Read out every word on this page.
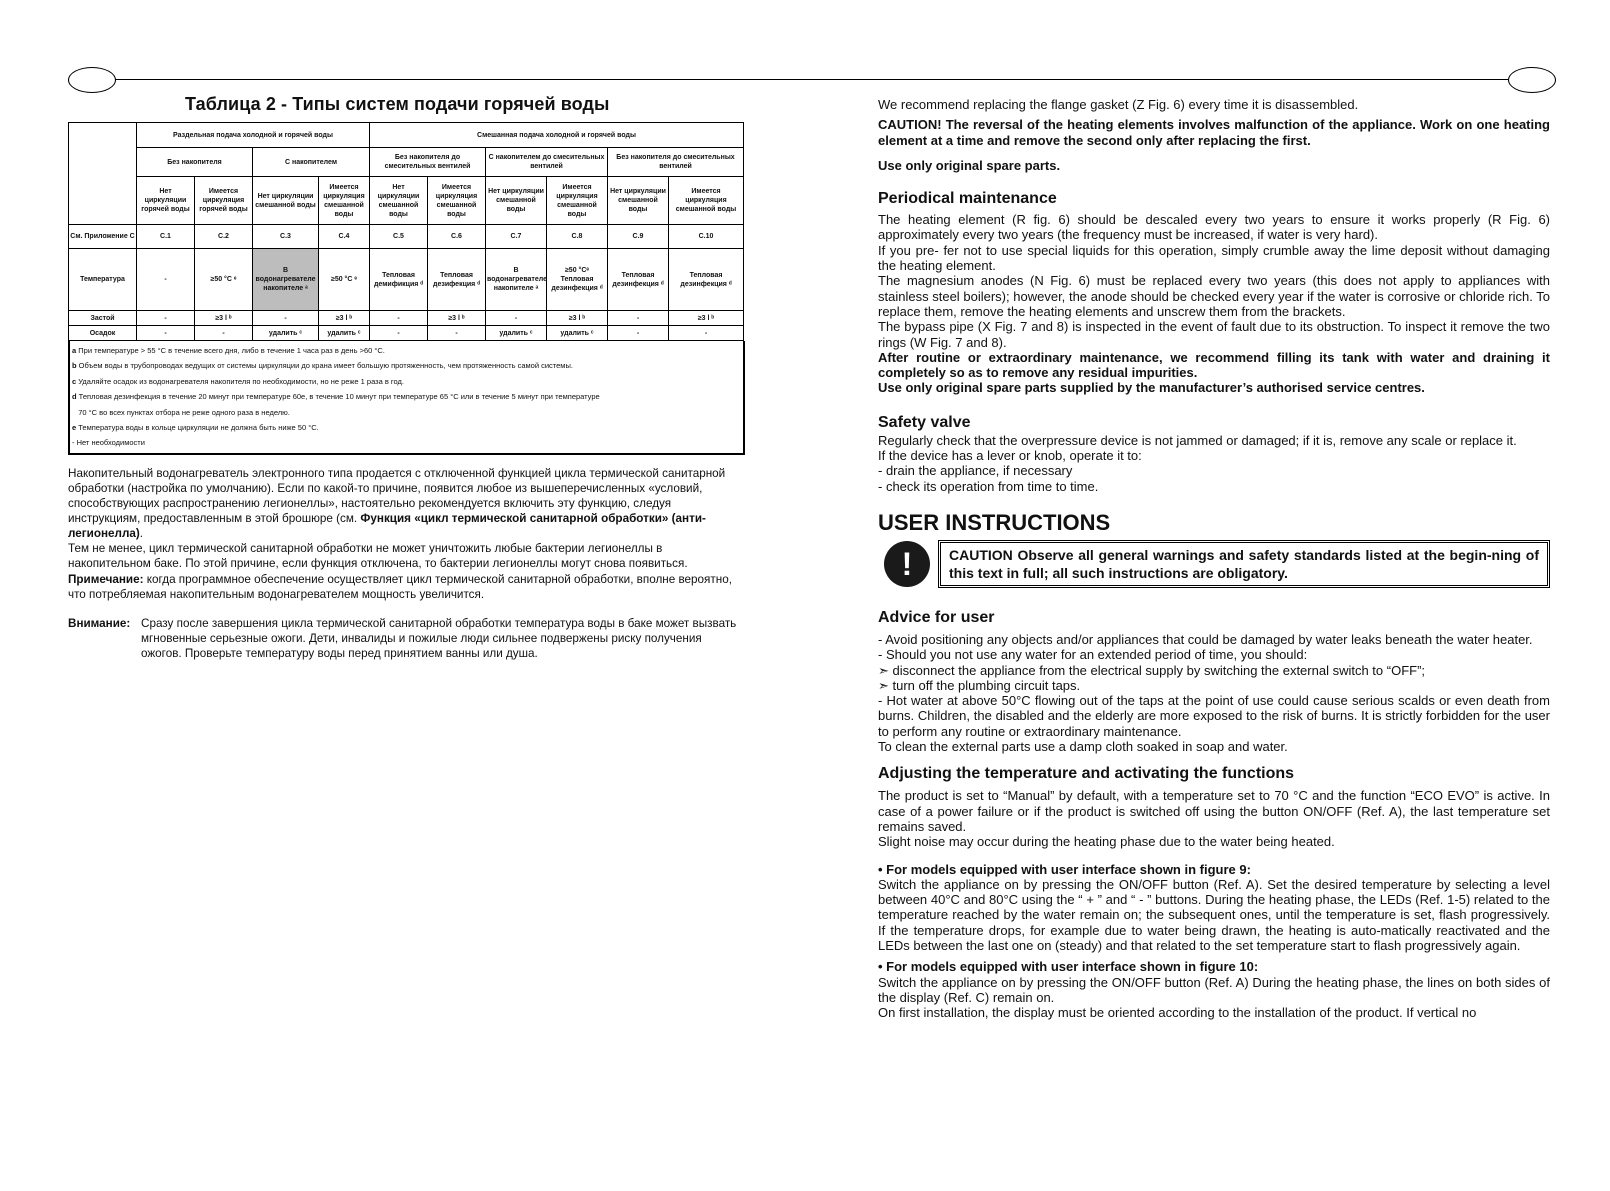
Таблица 2 - Типы систем подачи горячей воды
	Раздельная подача холодной и горячей воды				Смешанная подача холодной и горячей воды					
	Без накопителя		С накопителем		Без накопителя до смесительных вентилей		С накопителем до смесительных вентилей		Без накопителя до смесительных вентилей	
	Нет циркуляции горячей воды	Имеется циркуляция горячей воды	Нет циркуляции смешанной воды	Имеется циркуляция смешанной воды	Нет циркуляции смешанной воды	Имеется циркуляция смешанной воды	Нет циркуляции смешанной воды	Имеется циркуляция смешанной воды	Нет циркуляции смешанной воды	Имеется циркуляция смешанной воды
См. Приложение С	C.1	C.2	C.3	C.4	C.5	C.6	C.7	C.8	C.9	C.10
Температура	-	≥50 °C ᵉ	В водонагревателе накопителе ᵃ	≥50 °C ᵉ	Тепловая демификция ᵈ	Тепловая дезифекция ᵈ	В водонагревателе накопителе ᵃ	≥50 °Cᵉ Тепловая дезинфекция ᵈ	Тепловая дезинфекция ᵈ	Тепловая дезинфекция ᵈ
Застой	-	≥3 l ᵇ	-	≥3 l ᵇ	-	≥3 l ᵇ	-	≥3 l ᵇ	-	≥3 l ᵇ
Осадок	-	-	удалить ᶜ	удалить ᶜ	-	-	удалить ᶜ	удалить ᶜ	-	-
a При температуре > 55 °С в течение всего дня, либо в течение 1 часа раз в день >60 °С.
b Объем воды в трубопроводах ведущих от системы циркуляции до крана имеет большую протяженность, чем протяженность самой системы.
c Удаляйте осадок из водонагревателя накопителя по необходимости, но не реже 1 раза в год.
d Тепловая дезинфекция в течение 20 минут при температуре 60е, в течение 10 минут при температуре 65 °С или в течение 5 минут при температуре
70 °С во всех пунктах отбора не реже одного раза в неделю.
e Температура воды в кольце циркуляции не должна быть ниже 50 °С.
- Нет необходимости

Накопительный водонагреватель электронного типа продается с отключенной функцией цикла термической санитарной обработки (настройка по умолчанию). Если по какой-то причине, появится любое из вышеперечисленных «условий, способствующих распространению легионеллы», настоятельно рекомендуется включить эту функцию, следуя инструкциям, предоставленным в этой брошюре (см. Функция «цикл термической санитарной обработки» (анти-легионелла).

Тем не менее, цикл термической санитарной обработки не может уничтожить любые бактерии легионеллы в накопительном баке. По этой причине, если функция отключена, то бактерии легионеллы могут снова появиться.

Примечание: когда программное обеспечение осуществляет цикл термической санитарной обработки, вполне вероятно, что потребляемая накопительным водонагревателем мощность увеличится.

Внимание: Сразу после завершения цикла термической санитарной обработки температура воды в баке может вызвать мгновенные серьезные ожоги. Дети, инвалиды и пожилые люди сильнее подвержены риску получения ожогов. Проверьте температуру воды перед принятием ванны или душа.

We recommend replacing the flange gasket (Z Fig. 6) every time it is disassembled.

CAUTION! The reversal of the heating elements involves malfunction of the appliance. Work on one heating element at a time and remove the second only after replacing the first.

Use only original spare parts.

Periodical maintenance

The heating element (R fig. 6) should be descaled every two years to ensure it works properly (R Fig. 6) approximately every two years (the frequency must be increased, if water is very hard).

If you pre- fer not to use special liquids for this operation, simply crumble away the lime deposit without damaging the heating element.

The magnesium anodes (N Fig. 6) must be replaced every two years (this does not apply to appliances with stainless steel boilers); however, the anode should be checked every year if the water is corrosive or chloride rich. To replace them, remove the heating elements and unscrew them from the brackets.

The bypass pipe (X Fig. 7 and 8) is inspected in the event of fault due to its obstruction. To inspect it remove the two rings (W Fig. 7 and 8).

After routine or extraordinary maintenance, we recommend filling its tank with water and draining it completely so as to remove any residual impurities.

Use only original spare parts supplied by the manufacturer’s authorised service centres.

Safety valve

Regularly check that the overpressure device is not jammed or damaged; if it is, remove any scale or replace it.

If the device has a lever or knob, operate it to:

- drain the appliance, if necessary

- check its operation from time to time.

USER INSTRUCTIONS
!	CAUTION Observe all general warnings and safety standards listed at the begin-ning of this text in full; all such instructions are obligatory.
Advice for user

- Avoid positioning any objects and/or appliances that could be damaged by water leaks beneath the water heater.

- Should you not use any water for an extended period of time, you should:

➣ disconnect the appliance from the electrical supply by switching the external switch to “OFF”;

➣ turn off the plumbing circuit taps.

- Hot water at above 50°C flowing out of the taps at the point of use could cause serious scalds or even death from burns. Children, the disabled and the elderly are more exposed to the risk of burns. It is strictly forbidden for the user to perform any routine or extraordinary maintenance.

To clean the external parts use a damp cloth soaked in soap and water.

Adjusting the temperature and activating the functions

The product is set to “Manual” by default, with a temperature set to 70 °C and the function “ECO EVO” is active. In case of a power failure or if the product is switched off using the button ON/OFF (Ref. A), the last temperature set remains saved.

Slight noise may occur during the heating phase due to the water being heated.

• For models equipped with user interface shown in figure 9:

Switch the appliance on by pressing the ON/OFF button (Ref. A). Set the desired temperature by selecting a level between 40°C and 80°C using the “ + ” and “ - ” buttons. During the heating phase, the LEDs (Ref. 1-5) related to the temperature reached by the water remain on; the subsequent ones, until the temperature is set, flash progressively. If the temperature drops, for example due to water being drawn, the heating is auto-matically reactivated and the LEDs between the last one on (steady) and that related to the set temperature start to flash progressively again.

• For models equipped with user interface shown in figure 10:

Switch the appliance on by pressing the ON/OFF button (Ref. A) During the heating phase, the lines on both sides of the display (Ref. C) remain on.

On first installation, the display must be oriented according to the installation of the product. If vertical no
